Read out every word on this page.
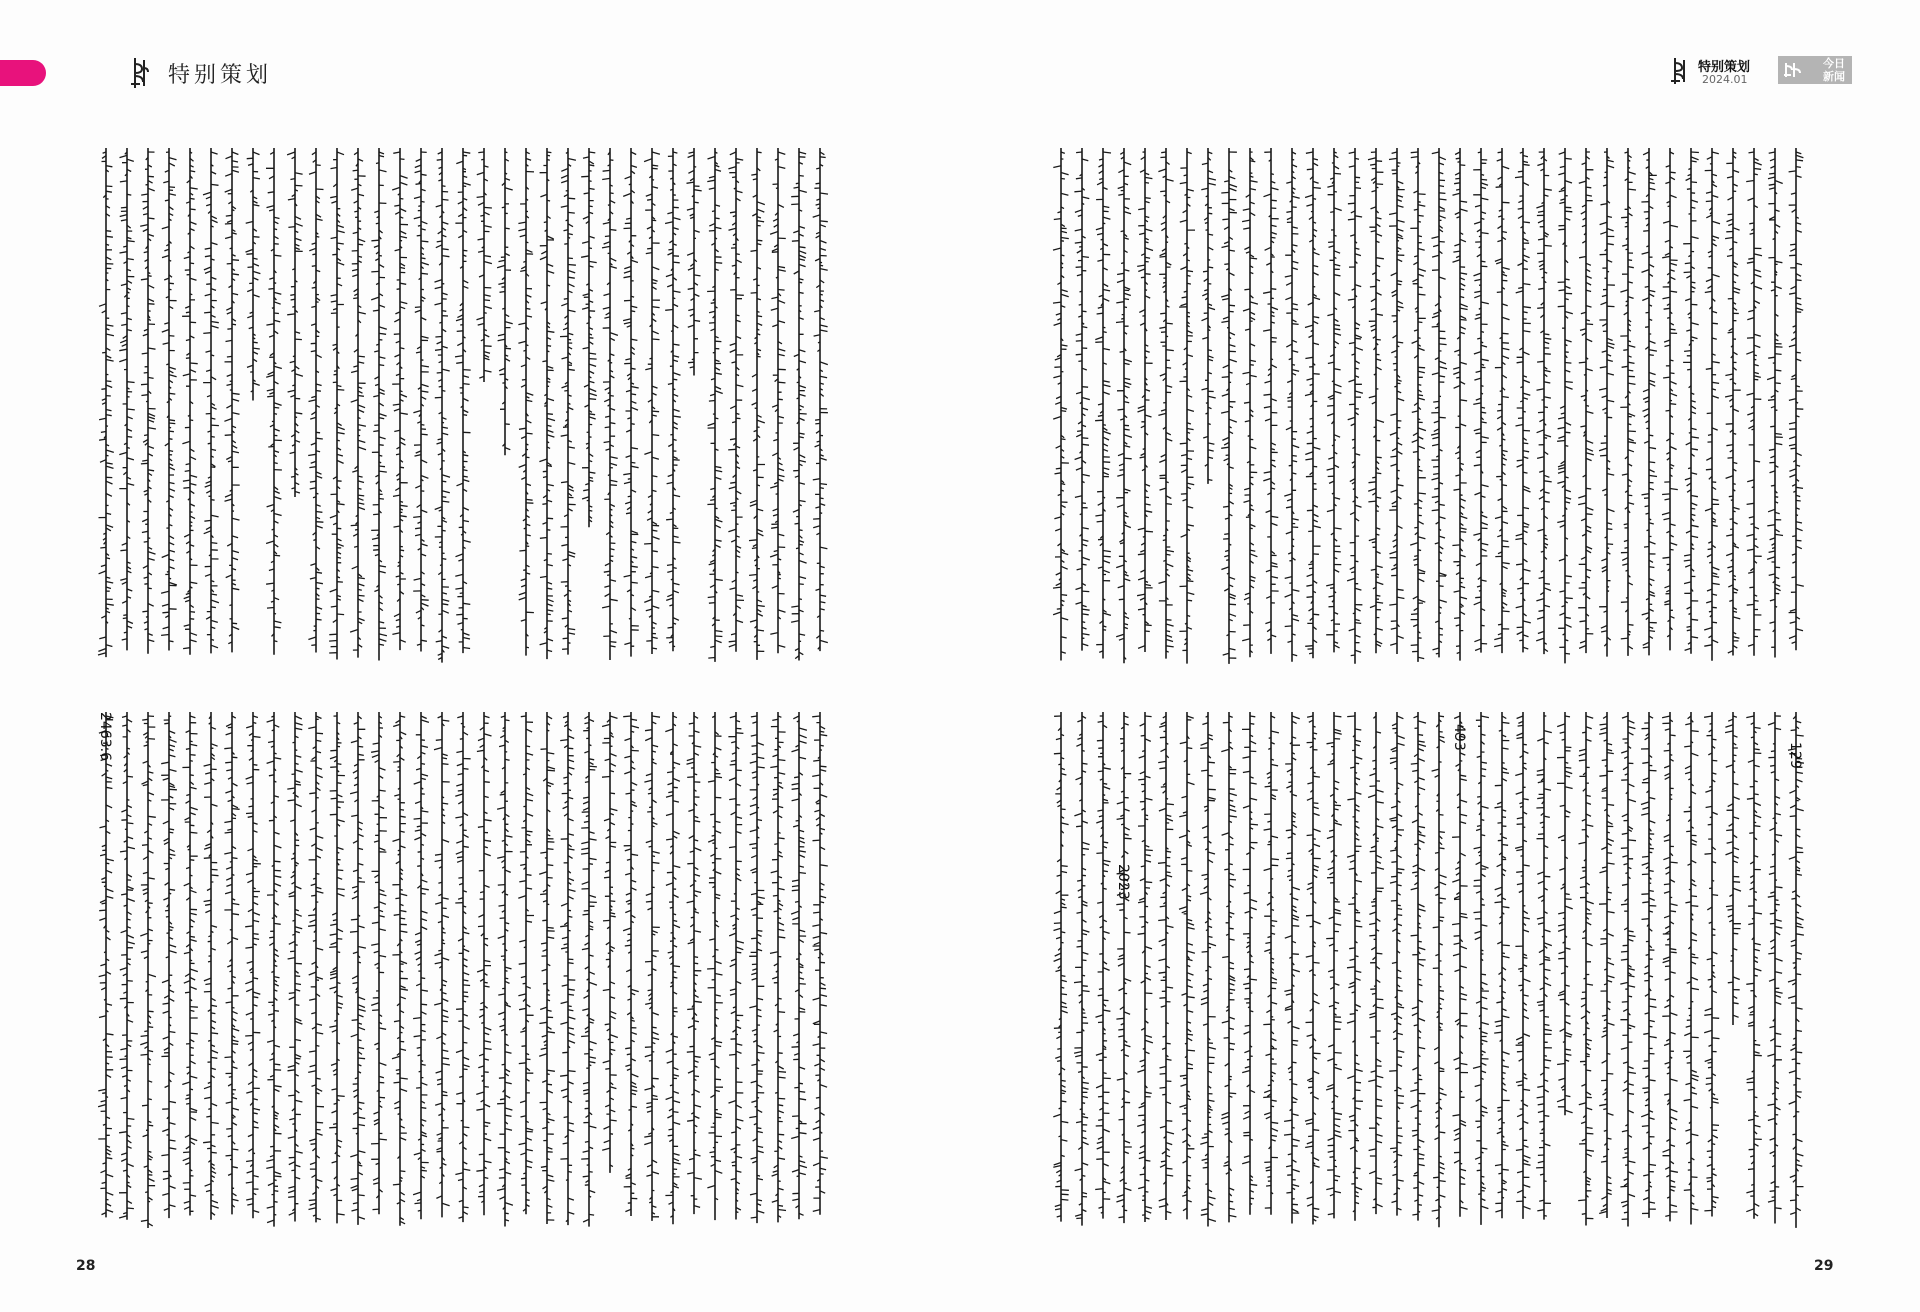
特别策划
2463.6
28
特别策划
2024.01
今日新闻
129
493
2023
29
